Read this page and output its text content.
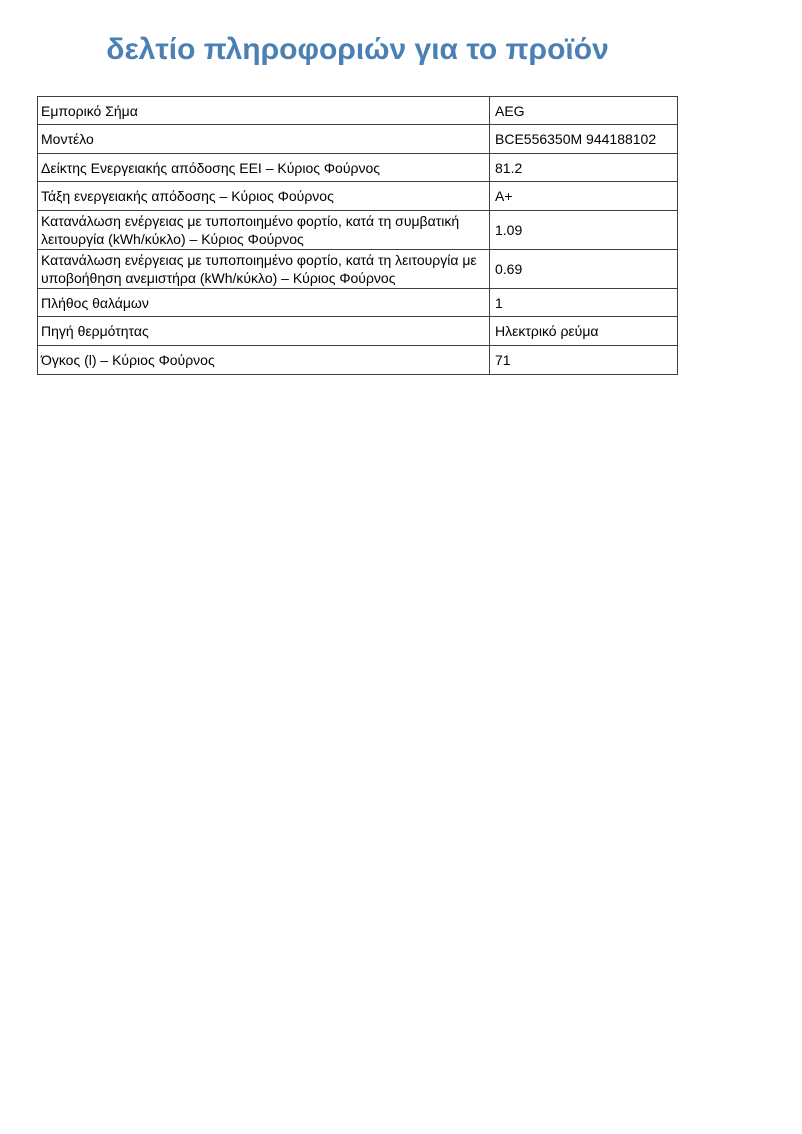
δελτίο πληροφοριών για το προϊόν
Εμπορικό Σήμα	AEG
Μοντέλο	BCE556350M 944188102
Δείκτης Ενεργειακής απόδοσης EEI – Κύριος Φούρνος	81.2
Τάξη ενεργειακής απόδοσης – Κύριος Φούρνος	A+
Κατανάλωση ενέργειας με τυποποιημένο φορτίο, κατά τη συμβατική λειτουργία (kWh/κύκλο) – Κύριος Φούρνος	1.09
Κατανάλωση ενέργειας με τυποποιημένο φορτίο, κατά τη λειτουργία με υποβοήθηση ανεμιστήρα (kWh/κύκλο) – Κύριος Φούρνος	0.69
Πλήθος θαλάμων	1
Πηγή θερμότητας	Ηλεκτρικό ρεύμα
Όγκος (l) – Κύριος Φούρνος	71
